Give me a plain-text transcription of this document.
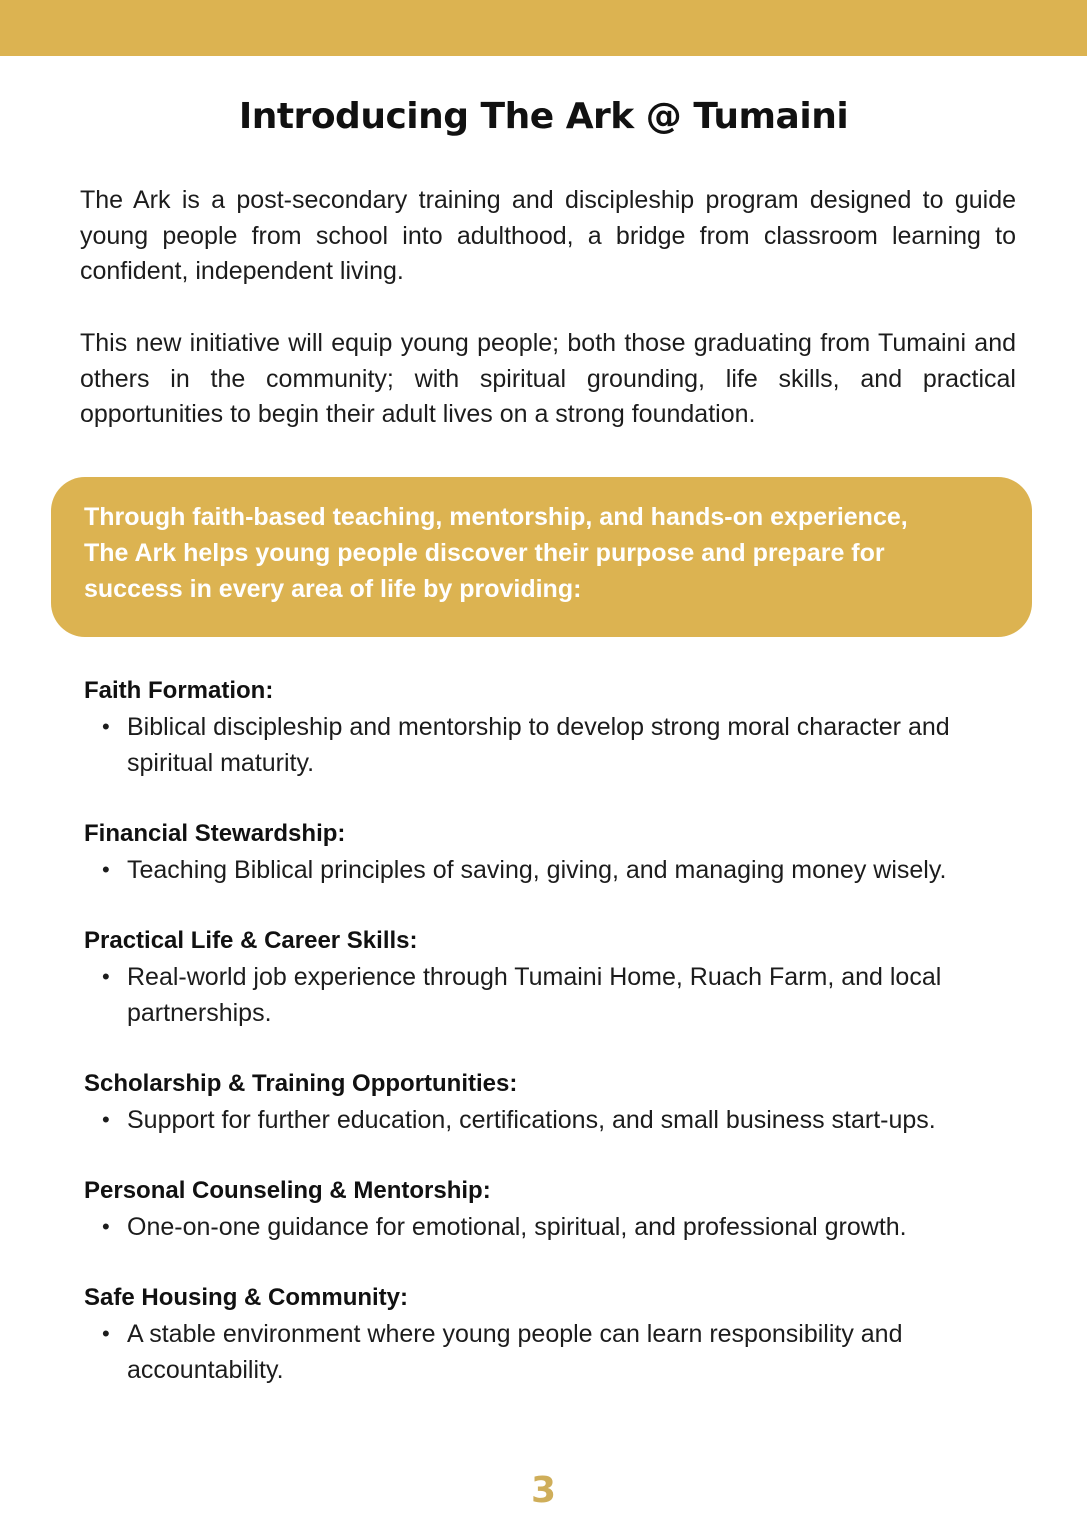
Introducing The Ark @ Tumaini

The Ark is a post-secondary training and discipleship program designed to guide young people from school into adulthood, a bridge from classroom learning to confident, independent living.

This new initiative will equip young people; both those graduating from Tumaini and others in the community; with spiritual grounding, life skills, and practical opportunities to begin their adult lives on a strong foundation.

Through faith-based teaching, mentorship, and hands-on experience,
The Ark helps young people discover their purpose and prepare for
success in every area of life by providing:
Faith Formation:
• Biblical discipleship and mentorship to develop strong moral character and spiritual maturity.
Financial Stewardship:
• Teaching Biblical principles of saving, giving, and managing money wisely.
Practical Life & Career Skills:
• Real-world job experience through Tumaini Home, Ruach Farm, and local partnerships.
Scholarship & Training Opportunities:
• Support for further education, certifications, and small business start-ups.
Personal Counseling & Mentorship:
• One-on-one guidance for emotional, spiritual, and professional growth.
Safe Housing & Community:
• A stable environment where young people can learn responsibility and accountability.
3
